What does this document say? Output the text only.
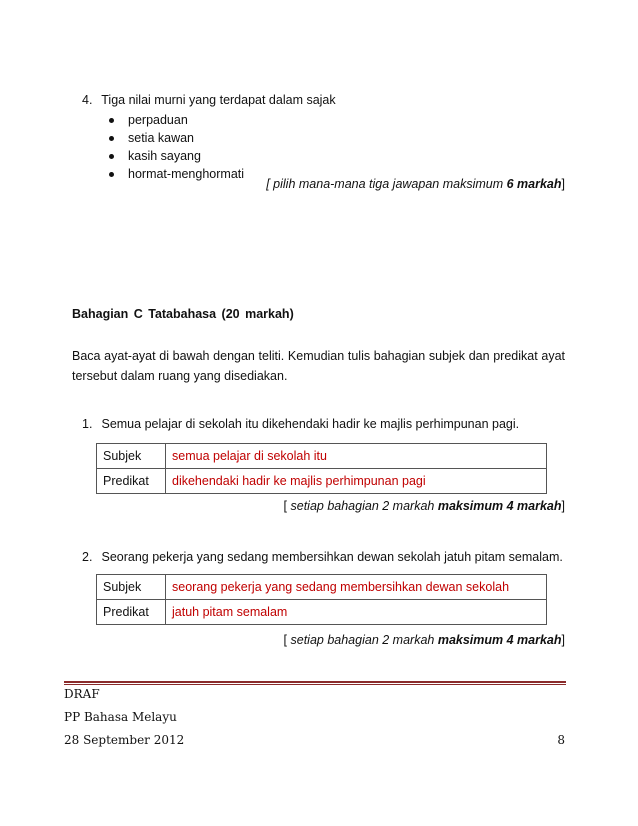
4. Tiga nilai murni yang terdapat dalam sajak
perpaduan
setia kawan
kasih sayang
hormat-menghormati
[ pilih mana-mana tiga jawapan maksimum 6 markah]
Bahagian C Tatabahasa (20 markah)
Baca ayat-ayat di bawah dengan teliti. Kemudian tulis bahagian subjek dan predikat ayat tersebut dalam ruang yang disediakan.
1. Semua pelajar di sekolah itu dikehendaki hadir ke majlis perhimpunan pagi.
Subjek	semua pelajar di sekolah itu
Predikat	dikehendaki hadir ke majlis perhimpunan pagi
[ setiap bahagian 2 markah maksimum 4 markah]
2. Seorang pekerja yang sedang membersihkan dewan sekolah jatuh pitam semalam.
Subjek	seorang pekerja yang sedang membersihkan dewan sekolah
Predikat	jatuh pitam semalam
[ setiap bahagian 2 markah maksimum 4 markah]
DRAF
PP Bahasa Melayu
28 September 2012	8
